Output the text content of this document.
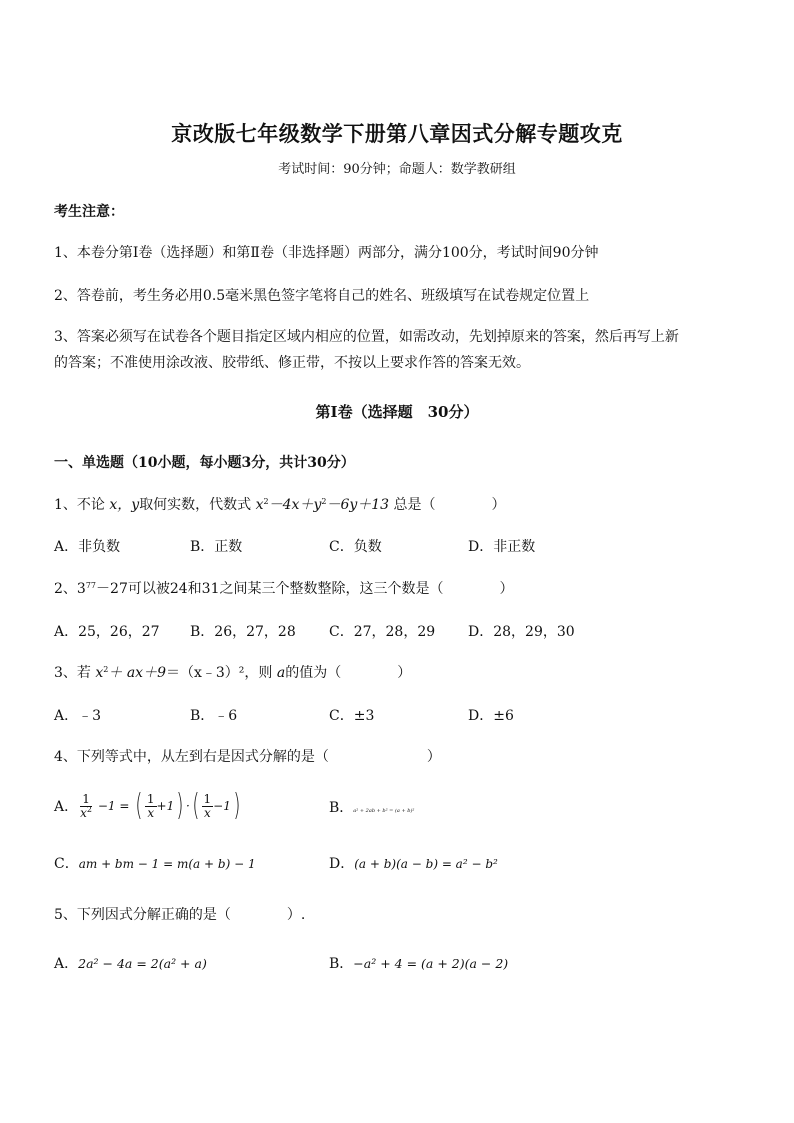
京改版七年级数学下册第八章因式分解专题攻克
考试时间：90分钟；命题人：数学教研组
考生注意：
1、本卷分第Ⅰ卷（选择题）和第Ⅱ卷（非选择题）两部分，满分100分，考试时间90分钟
2、答卷前，考生务必用0.5毫米黑色签字笔将自己的姓名、班级填写在试卷规定位置上
3、答案必须写在试卷各个题目指定区域内相应的位置，如需改动，先划掉原来的答案，然后再写上新
的答案；不准使用涂改液、胶带纸、修正带，不按以上要求作答的答案无效。
第Ⅰ卷（选择题　30分）
一、单选题（10小题，每小题3分，共计30分）
1、不论 x，y取何实数，代数式 $x^2-4x+y^2-6y+13$ 总是（　　　　）
A．非负数	B．正数	C．负数	D．非正数
2、$3^{77}-27$可以被24和31之间某三个整数整除，这三个数是（　　　　）
A．25，26，27 B．26，27，28 C．27，28，29 D．28，29，30
3、若 $x^2+$ ax＋9＝（x﹣3）²，则 a的值为（　　　　）
A．﹣3	B．﹣6	C．±3	D．±6
4、下列等式中，从左到右是因式分解的是（　　　　　　　）
A． $\frac{1}{x^2} -1$ = ( $\frac{1}{x} +1$ ) · ( $\frac{1}{x} -1$ )	B．a² + 2ab + b² = (a + b)²
C．am + bm − 1 = m(a + b) − 1	D．(a + b)(a − b) = a² − b²
5、下列因式分解正确的是（　　　　）.
A．2a² − 4a = 2(a² + a)	B．−a² + 4 = (a + 2)(a − 2)
